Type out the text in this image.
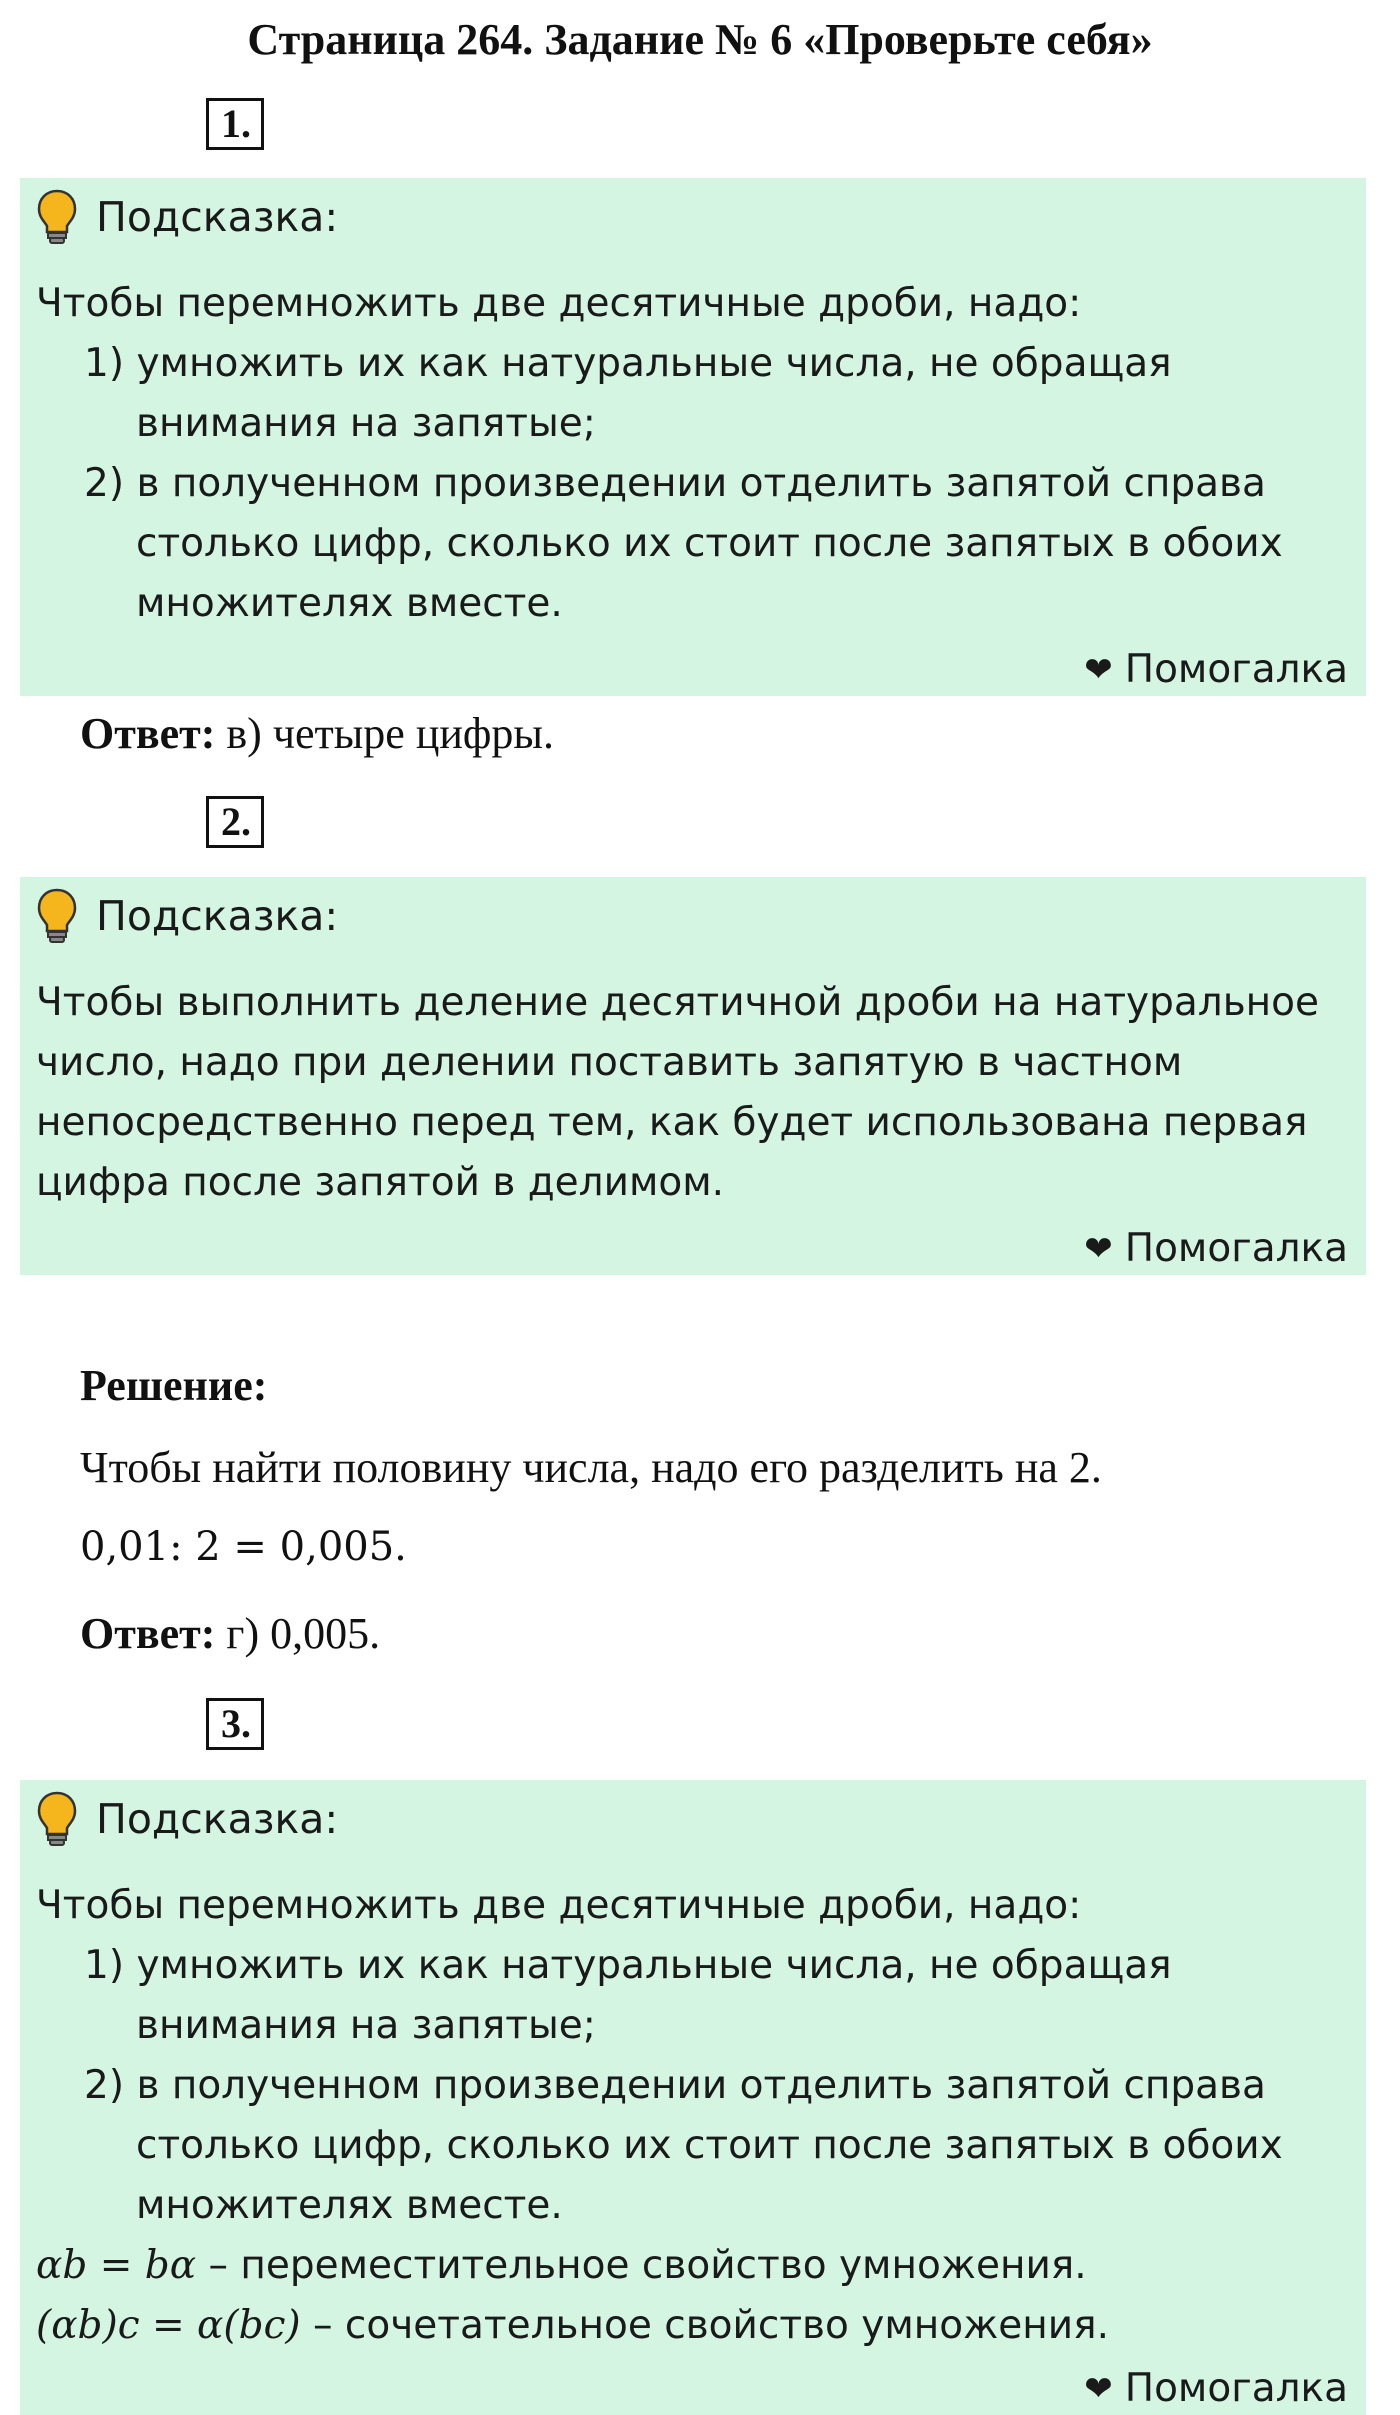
Страница 264. Задание № 6 «Проверьте себя»
1.
Подсказка:
Чтобы перемножить две десятичные дроби, надо:
1) умножить их как натуральные числа, не обращая
внимания на запятые;
2) в полученном произведении отделить запятой справа
столько цифр, сколько их стоит после запятых в обоих
множителях вместе.
❤ Помогалка
Ответ: в) четыре цифры.
2.
Подсказка:
Чтобы выполнить деление десятичной дроби на натуральное
число, надо при делении поставить запятую в частном
непосредственно перед тем, как будет использована первая
цифра после запятой в делимом.
❤ Помогалка
Решение:
Чтобы найти половину числа, надо его разделить на 2.
0,01: 2 = 0,005.
Ответ: г) 0,005.
3.
Подсказка:
Чтобы перемножить две десятичные дроби, надо:
1) умножить их как натуральные числа, не обращая
внимания на запятые;
2) в полученном произведении отделить запятой справа
столько цифр, сколько их стоит после запятых в обоих
множителях вместе.
αb = bα – переместительное свойство умножения.
(αb)c = α(bc) – сочетательное свойство умножения.
❤ Помогалка
